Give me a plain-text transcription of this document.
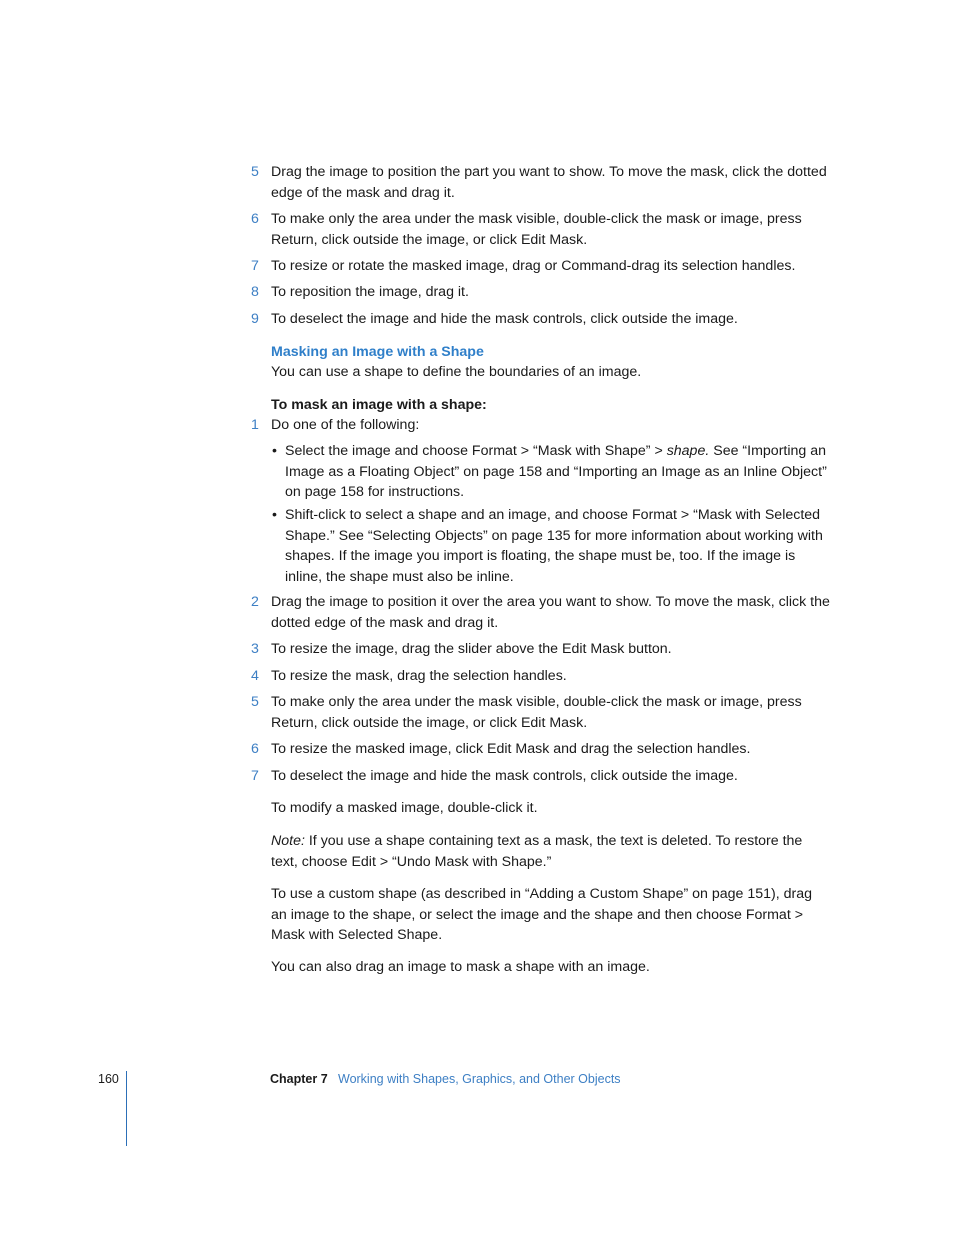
5 Drag the image to position the part you want to show. To move the mask, click the dotted edge of the mask and drag it.
6 To make only the area under the mask visible, double-click the mask or image, press Return, click outside the image, or click Edit Mask.
7 To resize or rotate the masked image, drag or Command-drag its selection handles.
8 To reposition the image, drag it.
9 To deselect the image and hide the mask controls, click outside the image.
Masking an Image with a Shape
You can use a shape to define the boundaries of an image.
To mask an image with a shape:
1 Do one of the following:
• Select the image and choose Format > “Mask with Shape” > shape. See “Importing an Image as a Floating Object” on page 158 and “Importing an Image as an Inline Object” on page 158 for instructions.
• Shift-click to select a shape and an image, and choose Format > “Mask with Selected Shape.” See “Selecting Objects” on page 135 for more information about working with shapes. If the image you import is floating, the shape must be, too. If the image is inline, the shape must also be inline.
2 Drag the image to position it over the area you want to show. To move the mask, click the dotted edge of the mask and drag it.
3 To resize the image, drag the slider above the Edit Mask button.
4 To resize the mask, drag the selection handles.
5 To make only the area under the mask visible, double-click the mask or image, press Return, click outside the image, or click Edit Mask.
6 To resize the masked image, click Edit Mask and drag the selection handles.
7 To deselect the image and hide the mask controls, click outside the image.
To modify a masked image, double-click it.
Note: If you use a shape containing text as a mask, the text is deleted. To restore the text, choose Edit > “Undo Mask with Shape.”
To use a custom shape (as described in “Adding a Custom Shape” on page 151), drag an image to the shape, or select the image and the shape and then choose Format > Mask with Selected Shape.
You can also drag an image to mask a shape with an image.
160	Chapter 7 Working with Shapes, Graphics, and Other Objects
